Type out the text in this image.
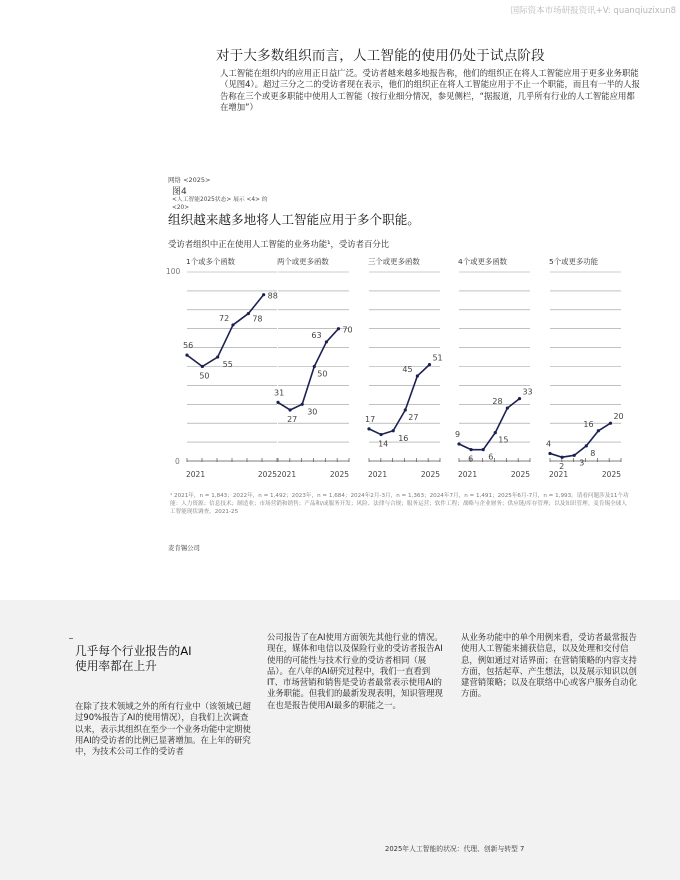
国际资本市场研报资讯+V: quanqiuzixun8
对于大多数组织而言，人工智能的使用仍处于试点阶段
人工智能在组织内的应用正日益广泛。受访者越来越多地报告称，他们的组织正在将人工智能应用于更多业务职能（见图4）。超过三分之二的受访者现在表示，他们的组织正在将人工智能应用于不止一个职能，而且有一半的人报告称在三个或更多职能中使用人工智能（按行业细分情况，参见侧栏，“据报道，几乎所有行业的人工智能应用都在增加”）
网络 <2025>
图4
<人工智能2025状态> 展示 <4> 的
<20>
组织越来越多地将人工智能应用于多个职能。
受访者组织中正在使用人工智能的业务功能¹，受访者百分比
100
0
1个或多个函数
2021	2025
56
50
55
72	78
88
两个或更多函数
2021	2025
31
27
30
50
63
70
三个或更多函数
2021	2025
17
14
16
27
45
51
4个或更多函数
2021	2025
9
6 6
15
28
33
5个或更多功能
2021	2025
4
2 3
8
16
20
¹ 2021年，n = 1,843；2022年，n = 1,492；2023年，n = 1,684；2024年2月-3月，n = 1,363；2024年7月，n = 1,491；2025年6月-7月，n = 1,993。请看问题涉及11个功能：人力资源；信息技术；制造业；市场营销和销售；产品和/或服务开发；风险、法律与合规；服务运营；软件工程；战略与企业财务；供应链/库存管理；以及知识管理。麦肯锡全球人工智能现状调查，2021-25
麦肯锡公司
几乎每个行业报告的AI使用率都在上升
在除了技术领域之外的所有行业中（该领域已超过90%报告了AI的使用情况），自我们上次调查以来，表示其组织在至少一个业务功能中定期使用AI的受访者的比例已显著增加。在上年的研究中，为技术公司工作的受访者
公司报告了在AI使用方面领先其他行业的情况。现在，媒体和电信以及保险行业的受访者报告AI使用的可能性与技术行业的受访者相同（展品）。在八年的AI研究过程中，我们一直看到IT、市场营销和销售是受访者最常表示使用AI的业务职能。但我们的最新发现表明，知识管理现在也是报告使用AI最多的职能之一。
从业务功能中的单个用例来看，受访者最常报告使用人工智能来捕获信息，以及处理和交付信息，例如通过对话界面；在营销策略的内容支持方面，包括起草、产生想法，以及展示知识以创建营销策略；以及在联络中心或客户服务自动化方面。
2025年人工智能的状况：代理、创新与转型 7
